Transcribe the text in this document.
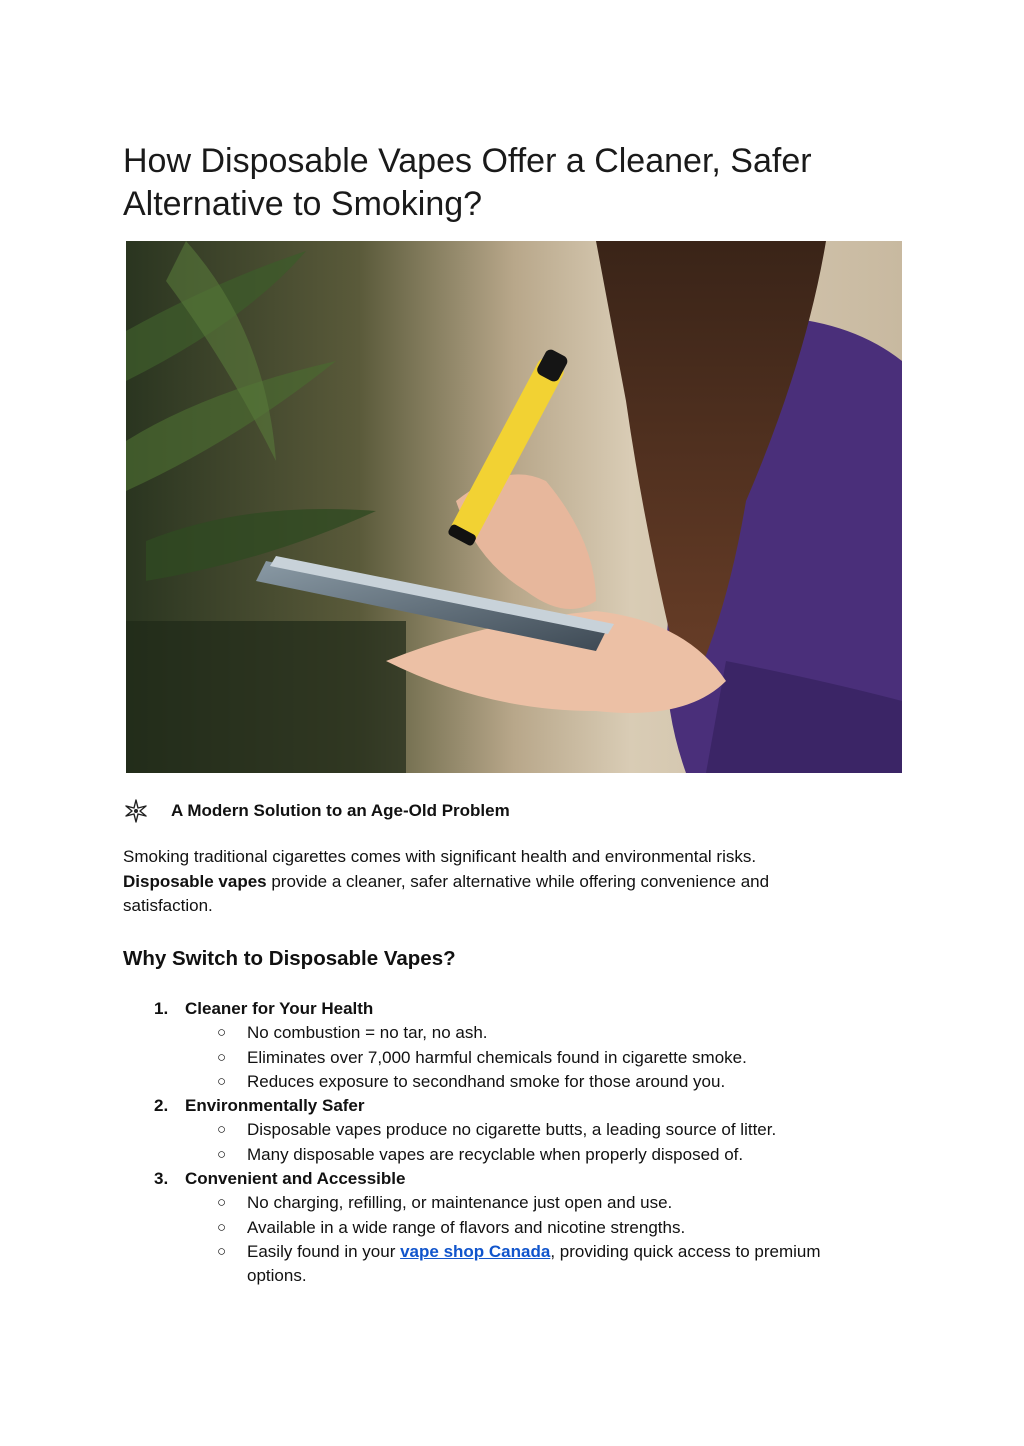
How Disposable Vapes Offer a Cleaner, Safer
Alternative to Smoking?
A Modern Solution to an Age-Old Problem
Smoking traditional cigarettes comes with significant health and environmental risks.
Disposable vapes provide a cleaner, safer alternative while offering convenience and
satisfaction.
Why Switch to Disposable Vapes?
1. Cleaner for Your Health
○ No combustion = no tar, no ash.
○ Eliminates over 7,000 harmful chemicals found in cigarette smoke.
○ Reduces exposure to secondhand smoke for those around you.
2. Environmentally Safer
○ Disposable vapes produce no cigarette butts, a leading source of litter.
○ Many disposable vapes are recyclable when properly disposed of.
3. Convenient and Accessible
○ No charging, refilling, or maintenance just open and use.
○ Available in a wide range of flavors and nicotine strengths.
○ Easily found in your vape shop Canada, providing quick access to premium
options.
